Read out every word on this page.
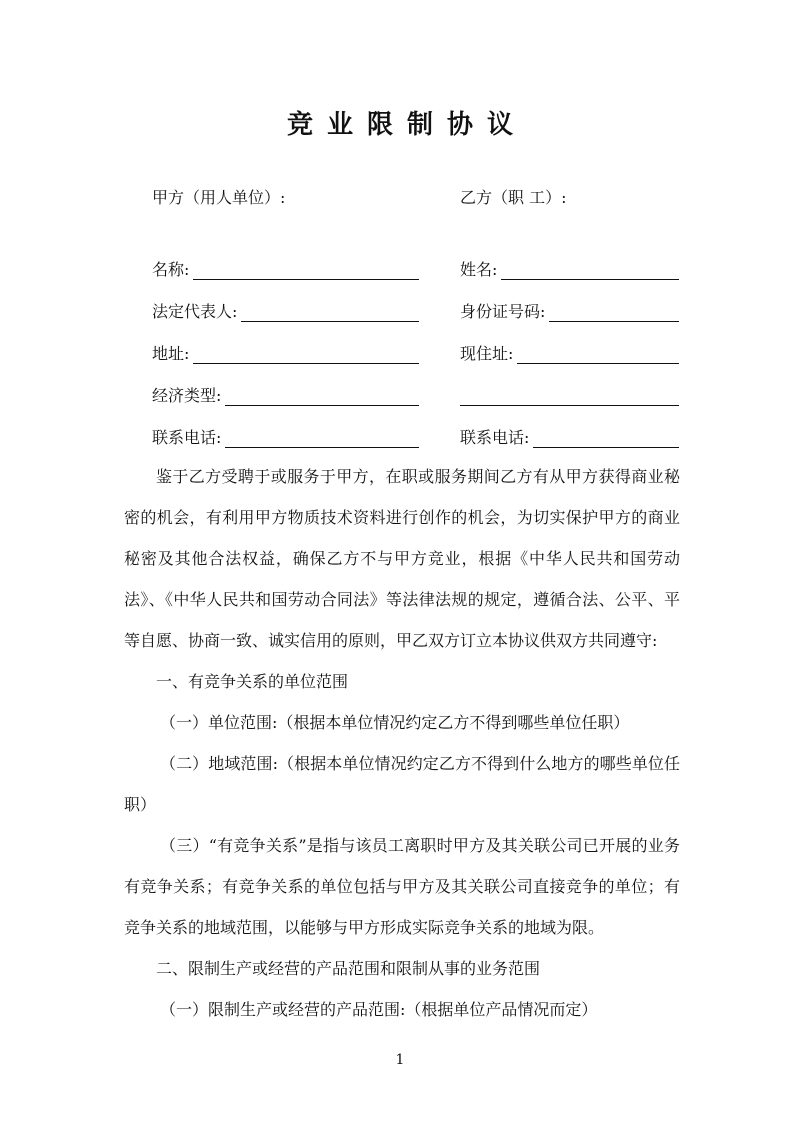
竞业限制协议
甲方（用人单位）:	乙方（职 工）:
名称:
法定代表人:
地址:
经济类型:
联系电话:
姓名:
身份证号码:
现住址:
联系电话:
鉴于乙方受聘于或服务于甲方，在职或服务期间乙方有从甲方获得商业秘密的机会，有利用甲方物质技术资料进行创作的机会，为切实保护甲方的商业秘密及其他合法权益，确保乙方不与甲方竞业，根据《中华人民共和国劳动法》、《中华人民共和国劳动合同法》等法律法规的规定，遵循合法、公平、平等自愿、协商一致、诚实信用的原则，甲乙双方订立本协议供双方共同遵守:
一、有竞争关系的单位范围
（一）单位范围:（根据本单位情况约定乙方不得到哪些单位任职）
（二）地域范围:（根据本单位情况约定乙方不得到什么地方的哪些单位任职）
（三）“有竞争关系”是指与该员工离职时甲方及其关联公司已开展的业务有竞争关系；有竞争关系的单位包括与甲方及其关联公司直接竞争的单位；有竞争关系的地域范围，以能够与甲方形成实际竞争关系的地域为限。
二、限制生产或经营的产品范围和限制从事的业务范围
（一）限制生产或经营的产品范围:（根据单位产品情况而定）
1
